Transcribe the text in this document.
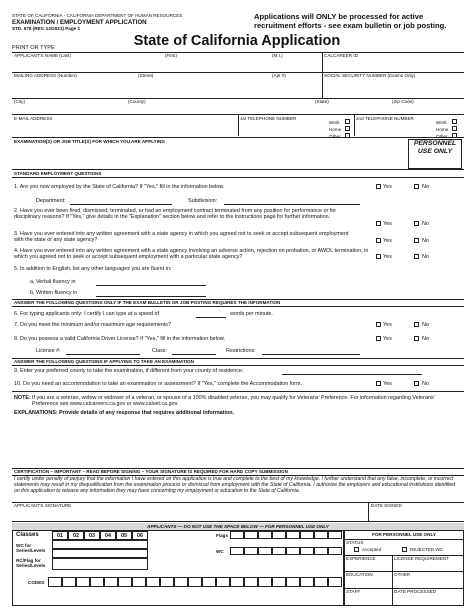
STATE OF CALIFORNIA - CALIFORNIA DEPARTMENT OF HUMAN RESOURCES
EXAMINATION / EMPLOYMENT APPLICATION
STD. 678 (REV. 12/2021) Page 1
Applications will ONLY be processed for active recruitment efforts - see exam bulletin or job posting.
State of California Application
PRINT OR TYPE
APPLICANT'S NAME (Last)	(First)	(M.I.)	CALCAREER ID
MAILING ADDRESS (Number)	(Street)	(Apt #)	SOCIAL SECURITY NUMBER (Exams Only)
(City)	(County)	(State)	(Zip Code)
E-MAIL ADDRESS	1st TELEPHONE NUMBER
Work
Home
Other
2nd TELEPHONE NUMBER
Work
Home
Other
EXAMINATION(S) OR JOB TITLE(S) FOR WHICH YOU ARE APPLYING	PERSONNEL USE ONLY
STANDARD EMPLOYMENT QUESTIONS
1. Are you now employed by the State of California? If "Yes," fill in the information below.	Yes	No
Department:	Subdivision:
2. Have you ever been fired, dismissed, terminated, or had an employment contract terminated from any position for performance or for disciplinary reasons? If "Yes," give details in the "Explanation" section below and refer to the instructions page for further information.
Yes	No
3. Have you ever entered into any written agreement with a state agency in which you agreed not to seek or accept subsequent employment with the state or any state agency?	Yes	No
4. Have you ever entered into any written agreement with a state agency involving an adverse action, rejection on probation, or AWOL termination, in which you agreed not to seek or accept subsequent employment with a particular state agency?	Yes	No
5. In addition to English, list any other languages you are fluent in:
a. Verbal fluency in
b. Written fluency in
ANSWER THE FOLLOWING QUESTIONS ONLY IF THE EXAM BULLETIN OR JOB POSTING REQUIRES THE INFORMATION
6. For typing applicants only: I certify I can type at a speed of	words per minute.
7. Do you meet the minimum and/or maximum age requirements?	Yes	No
8. Do you possess a valid California Driver License? If "Yes," fill in the information below.	Yes	No
License #:	Class:	Restrictions:
ANSWER THE FOLLOWING QUESTIONS IF APPLYING TO TAKE AN EXAMINATION
9. Enter your preferred county to take the examination, if different from your county of residence:
10. Do you need an accommodation to take an examination or assessment? If "Yes," complete the Accommodation form.	Yes	No
NOTE: If you are a veteran, widow or widower of a veteran, or spouse of a 100% disabled veteran, you may qualify for Veterans' Preference. For information regarding Veterans' Preference see www.calcareers.ca.gov or www.calvet.ca.gov.
EXPLANATIONS: Provide details of any response that requires additional information.
CERTIFICATION – IMPORTANT – READ BEFORE SIGNING – YOUR SIGNATURE IS REQUIRED FOR HARD COPY SUBMISSION
I certify under penalty of perjury that the information I have entered on this application is true and complete to the best of my knowledge. I further understand that any false, incomplete, or incorrect statements may result in my disqualification from the examination process or dismissal from employment with the State of California. I authorize the employers and educational institutions identified on this application to release any information they may have concerning my employment or education to the State of California.
APPLICANT'S SIGNATURE	DATE SIGNED
APPLICANTS — DO NOT USE THE SPACE BELOW — FOR PERSONNEL USE ONLY
Classes	01	02	03	04	05	06
WC for Series/Levels
RC/Flag for Series/Levels
Flags
WC
CODES
FOR PERSONNEL USE ONLY
STATUS
Accepted	REJECTED WC
EXPERIENCE	LICENSE REQUIREMENT
EDUCATION	OTHER
STAFF	DATE PROCESSED
